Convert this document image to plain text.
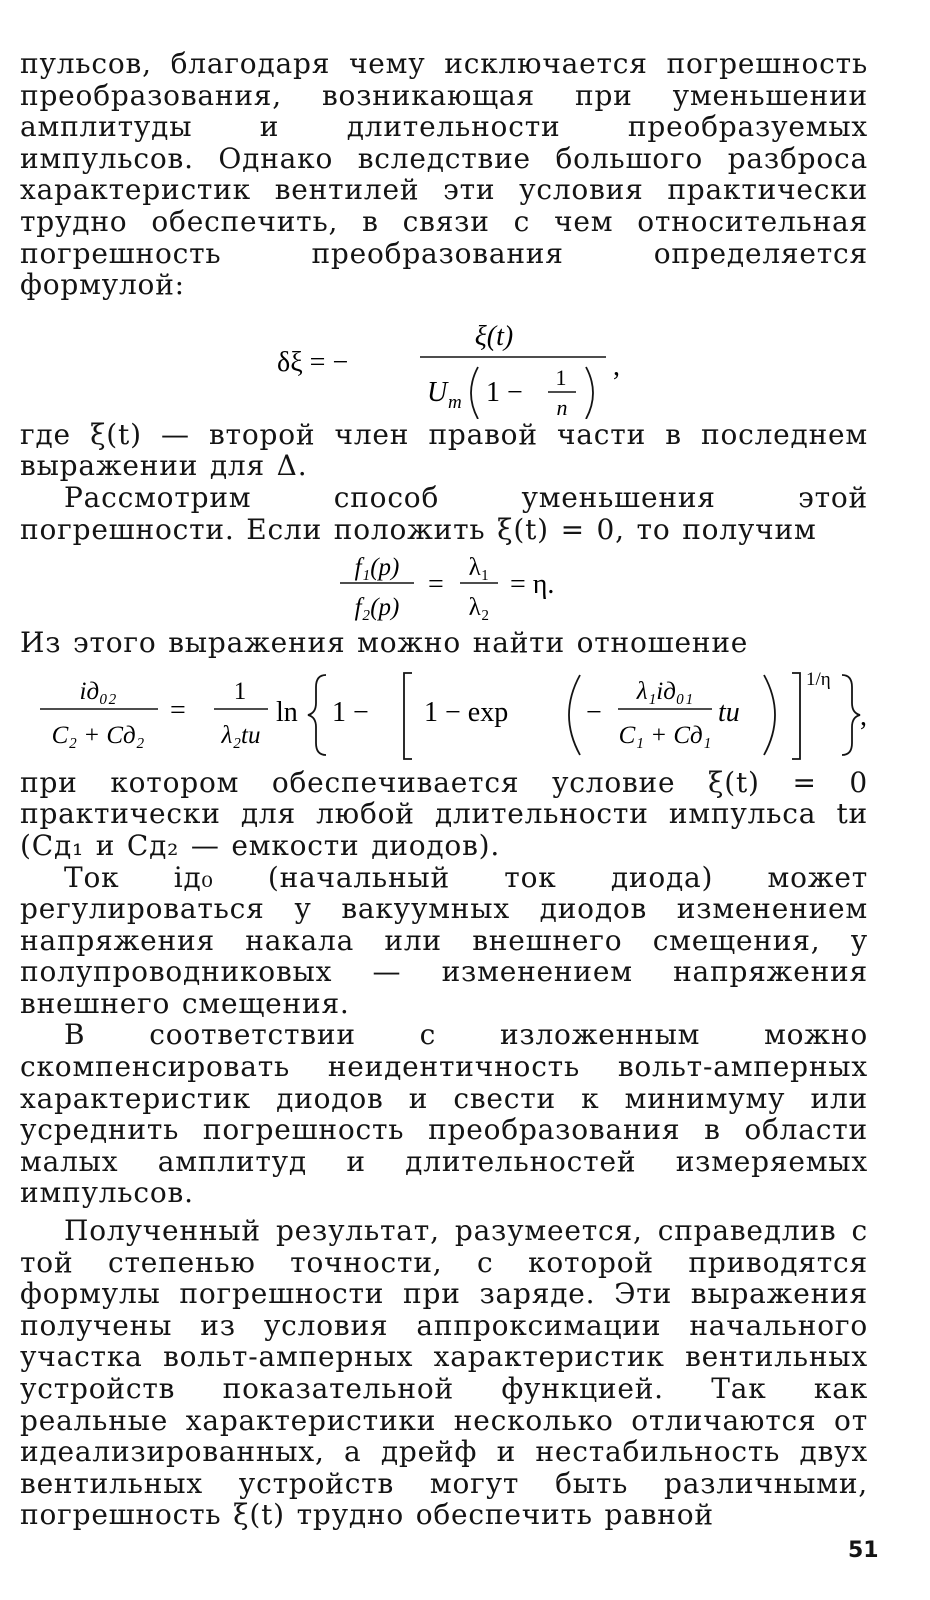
пульсов, благодаря чему исключается погрешность преобразования, возникающая при уменьшении амплитуды и длительности преобразуемых импульсов. Однако вследствие большого разброса характеристик вентилей эти условия практически трудно обеспечить, в связи с чем относительная погрешность преобразования определяется формулой:

δξ = −
ξ(t)
U m 1 − 1
n
,

где ξ(t) — второй член правой части в последнем выражении для Δ.

Рассмотрим способ уменьшения этой погрешности. Если положить ξ(t) = 0, то получим

f₁(p)
f₂(p)
=
λ₁
λ₂
= η.

Из этого выражения можно найти отношение

iд₀₂
C₂ + Cд₂
=
1
λ₂tи
ln 1 − 1 − exp	−
λ₁iд₀₁
C₁ + Cд₁
tи
1/η
,

при котором обеспечивается условие ξ(t) = 0 практически для любой длительности импульса tи (Cд₁ и Cд₂ — емкости диодов).

Ток iд₀ (начальный ток диода) может регулироваться у вакуумных диодов изменением напряжения накала или внешнего смещения, у полупроводниковых — изменением напряжения внешнего смещения.

В соответствии с изложенным можно скомпенсировать неидентичность вольт-амперных характеристик диодов и свести к минимуму или усреднить погрешность преобразования в области малых амплитуд и длительностей измеряемых импульсов.

Полученный результат, разумеется, справедлив с той степенью точности, с которой приводятся формулы погрешности при заряде. Эти выражения получены из условия аппроксимации начального участка вольт-амперных характеристик вентильных устройств показательной функцией. Так как реальные характеристики несколько отличаются от идеализированных, а дрейф и нестабильность двух вентильных устройств могут быть различными, погрешность ξ(t) трудно обеспечить равной

51
